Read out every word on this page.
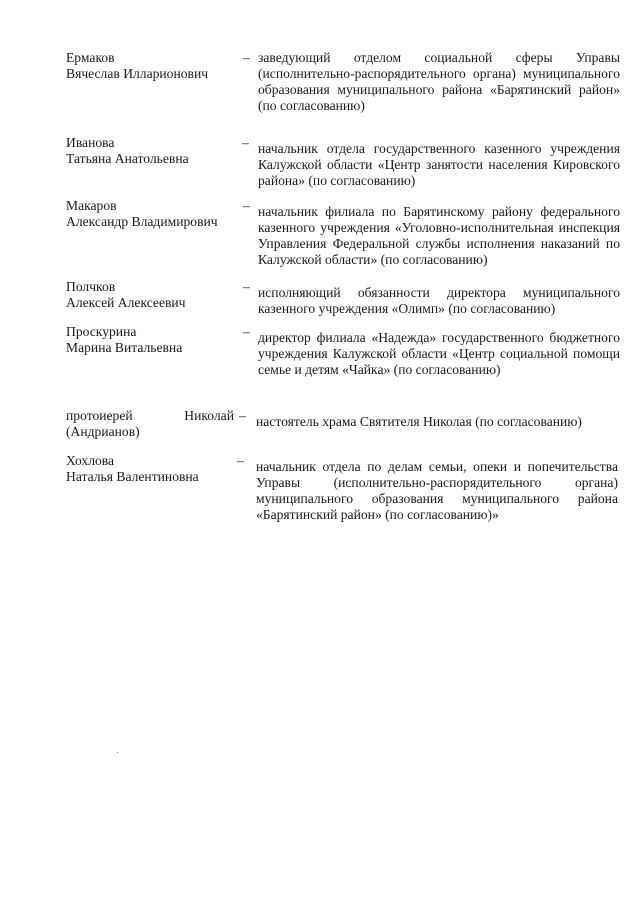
Ермаков
Вячеслав Илларионович
– заведующий отделом социальной сферы Управы (исполнительно-распорядительного органа) муниципального образования муниципального района «Барятинский район» (по согласованию)
Иванова
Татьяна Анатольевна
– начальник отдела государственного казенного учреждения Калужской области «Центр занятости населения Кировского района» (по согласованию)
Макаров
Александр Владимирович
– начальник филиала по Барятинскому району федерального казенного учреждения «Уголовно-исполнительная инспекция Управления Федеральной службы исполнения наказаний по Калужской области» (по согласованию)
Полчков
Алексей Алексеевич
– исполняющий обязанности директора муниципального казенного учреждения «Олимп» (по согласованию)
Проскурина
Марина Витальевна
– директор филиала «Надежда» государственного бюджетного учреждения Калужской области «Центр социальной помощи семье и детям «Чайка» (по согласованию)
протоиерей Николай (Андрианов)
– настоятель храма Святителя Николая (по согласованию)
Хохлова
Наталья Валентиновна
– начальник отдела по делам семьи, опеки и попечительства Управы (исполнительно-распорядительного органа) муниципального образования муниципального района «Барятинский район» (по согласованию)»
